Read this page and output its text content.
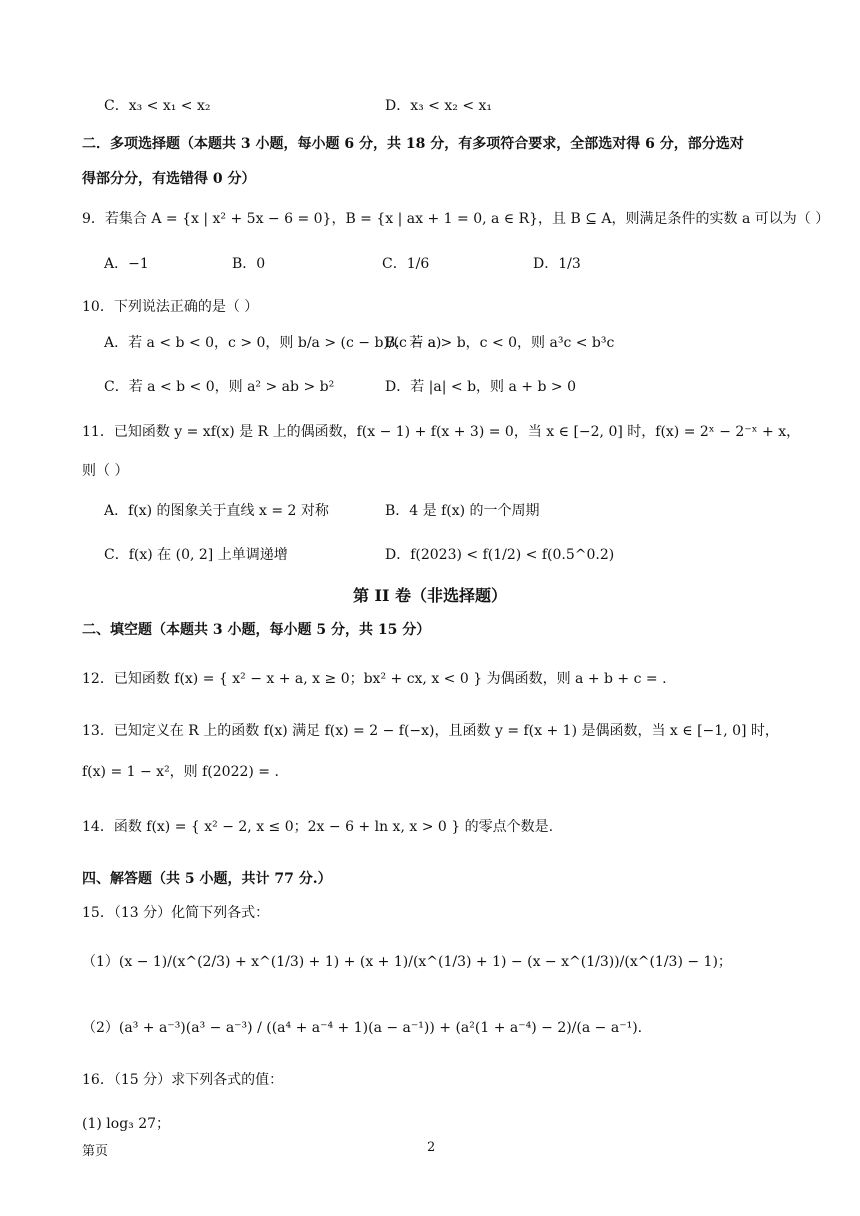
C．x₃ < x₁ < x₂	D．x₃ < x₂ < x₁
二．多项选择题（本题共 3 小题，每小题 6 分，共 18 分，有多项符合要求，全部选对得 6 分，部分选对
得部分分，有选错得 0 分）
9．若集合 A = {x | x² + 5x − 6 = 0}，B = {x | ax + 1 = 0, a ∈ R}，且 B ⊆ A，则满足条件的实数 a 可以为（ ）
A．−1	B．0	C．1/6	D．1/3
10．下列说法正确的是（ ）
A．若 a < b < 0，c > 0，则 b/a > (c − b)/(c − a)
B．若 a > b，c < 0，则 a³c < b³c
C．若 a < b < 0，则 a² > ab > b²	D．若 |a| < b，则 a + b > 0
11．已知函数 y = xf(x) 是 R 上的偶函数，f(x − 1) + f(x + 3) = 0，当 x ∈ [−2, 0] 时，f(x) = 2ˣ − 2⁻ˣ + x，
则（ ）
A．f(x) 的图象关于直线 x = 2 对称	B．4 是 f(x) 的一个周期
C．f(x) 在 (0, 2] 上单调递增	D．f(2023) < f(1/2) < f(0.5^0.2)
第 II 卷（非选择题）
二、填空题（本题共 3 小题，每小题 5 分，共 15 分）
12．已知函数 f(x) = { x² − x + a, x ≥ 0；bx² + cx, x < 0 } 为偶函数，则 a + b + c = .
13．已知定义在 R 上的函数 f(x) 满足 f(x) = 2 − f(−x)，且函数 y = f(x + 1) 是偶函数，当 x ∈ [−1, 0] 时，
f(x) = 1 − x²，则 f(2022) = .
14．函数 f(x) = { x² − 2, x ≤ 0；2x − 6 + ln x, x > 0 } 的零点个数是.
四、解答题（共 5 小题，共计 77 分.）
15．（13 分）化简下列各式：
（1）(x − 1)/(x^(2/3) + x^(1/3) + 1) + (x + 1)/(x^(1/3) + 1) − (x − x^(1/3))/(x^(1/3) − 1)；
（2）(a³ + a⁻³)(a³ − a⁻³) / ((a⁴ + a⁻⁴ + 1)(a − a⁻¹)) + (a²(1 + a⁻⁴) − 2)/(a − a⁻¹).
16．（15 分）求下列各式的值：
(1) log₃ 27；
第页	2
